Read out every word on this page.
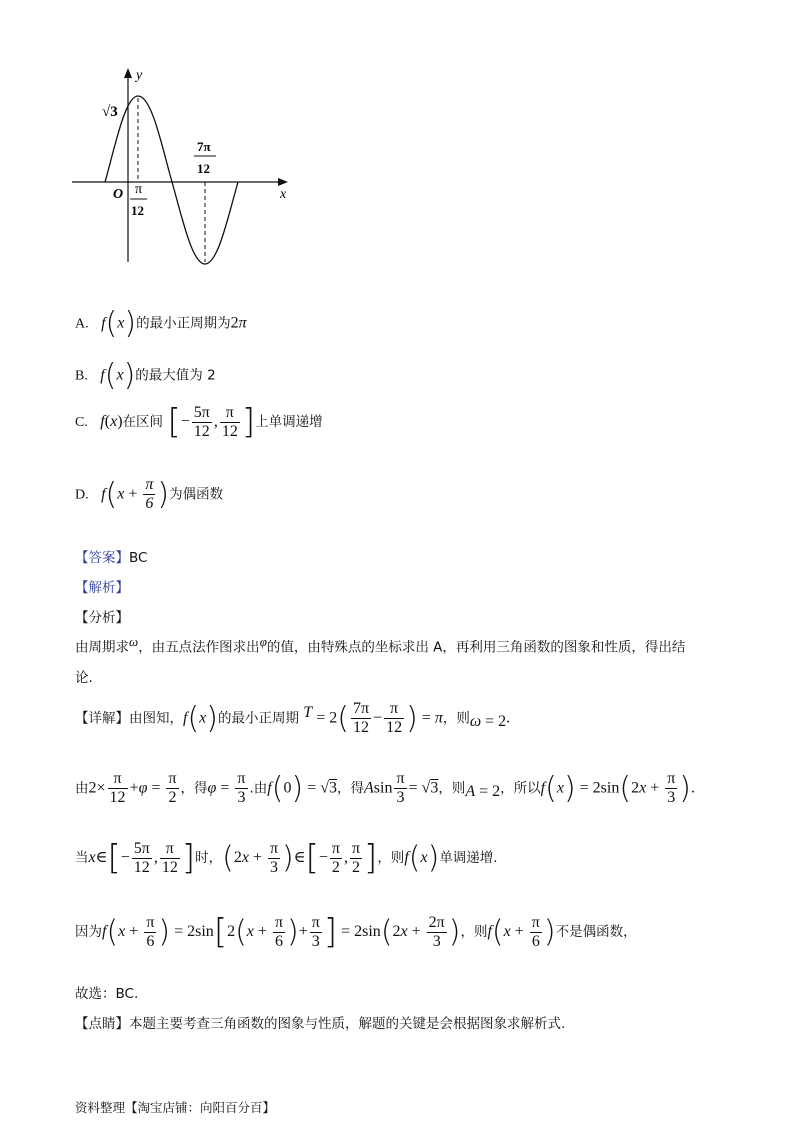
y
x
O
√3
π
12
7π
12
A. f(x)的最小正周期为2π
B. f(x)的最大值为 2
C. f(x)在区间 [− $\frac{5\pi}{12}$ , $\frac{\pi}{12}$ ]上单调递增
D. $f(x + \frac{\pi}{6}$ )为偶函数
【答案】BC
【解析】
【分析】
由周期求ω，由五点法作图求出φ的值，由特殊点的坐标求出 A，再利用三角函数的图象和性质，得出结
论.
【详解】由图知，f(x)的最小正周期 $T = 2( \frac{7\pi}{12} - \frac{\pi}{12}$ ) = π，则ω = 2.
由$2\times \frac{\pi}{12} +\varphi = \frac{\pi}{2}$ ，得$\varphi = \frac{\pi}{3}$ .由f(0) = √3，得Asin $\frac{\pi}{3} = √3$，则A = 2，所以$f(x) = 2\sin(2x + \frac{\pi}{3}$ ).
当x∈[− $\frac{5\pi}{12}$ , $\frac{\pi}{12}$ ]时，($2x + \frac{\pi}{3}$ )∈[− $\frac{\pi}{2}$ , $\frac{\pi}{2}$ ]，则f(x)单调递增.
因为$f(x + \frac{\pi}{6}$ ) = $2\sin[2(x + \frac{\pi}{6}$ )+ $\frac{\pi}{3}$ ] = $2\sin(2x + \frac{2\pi}{3}$ )，则$f(x + \frac{\pi}{6}$ )不是偶函数，
故选：BC.
【点睛】本题主要考查三角函数的图象与性质，解题的关键是会根据图象求解析式.
资料整理【淘宝店铺：向阳百分百】
